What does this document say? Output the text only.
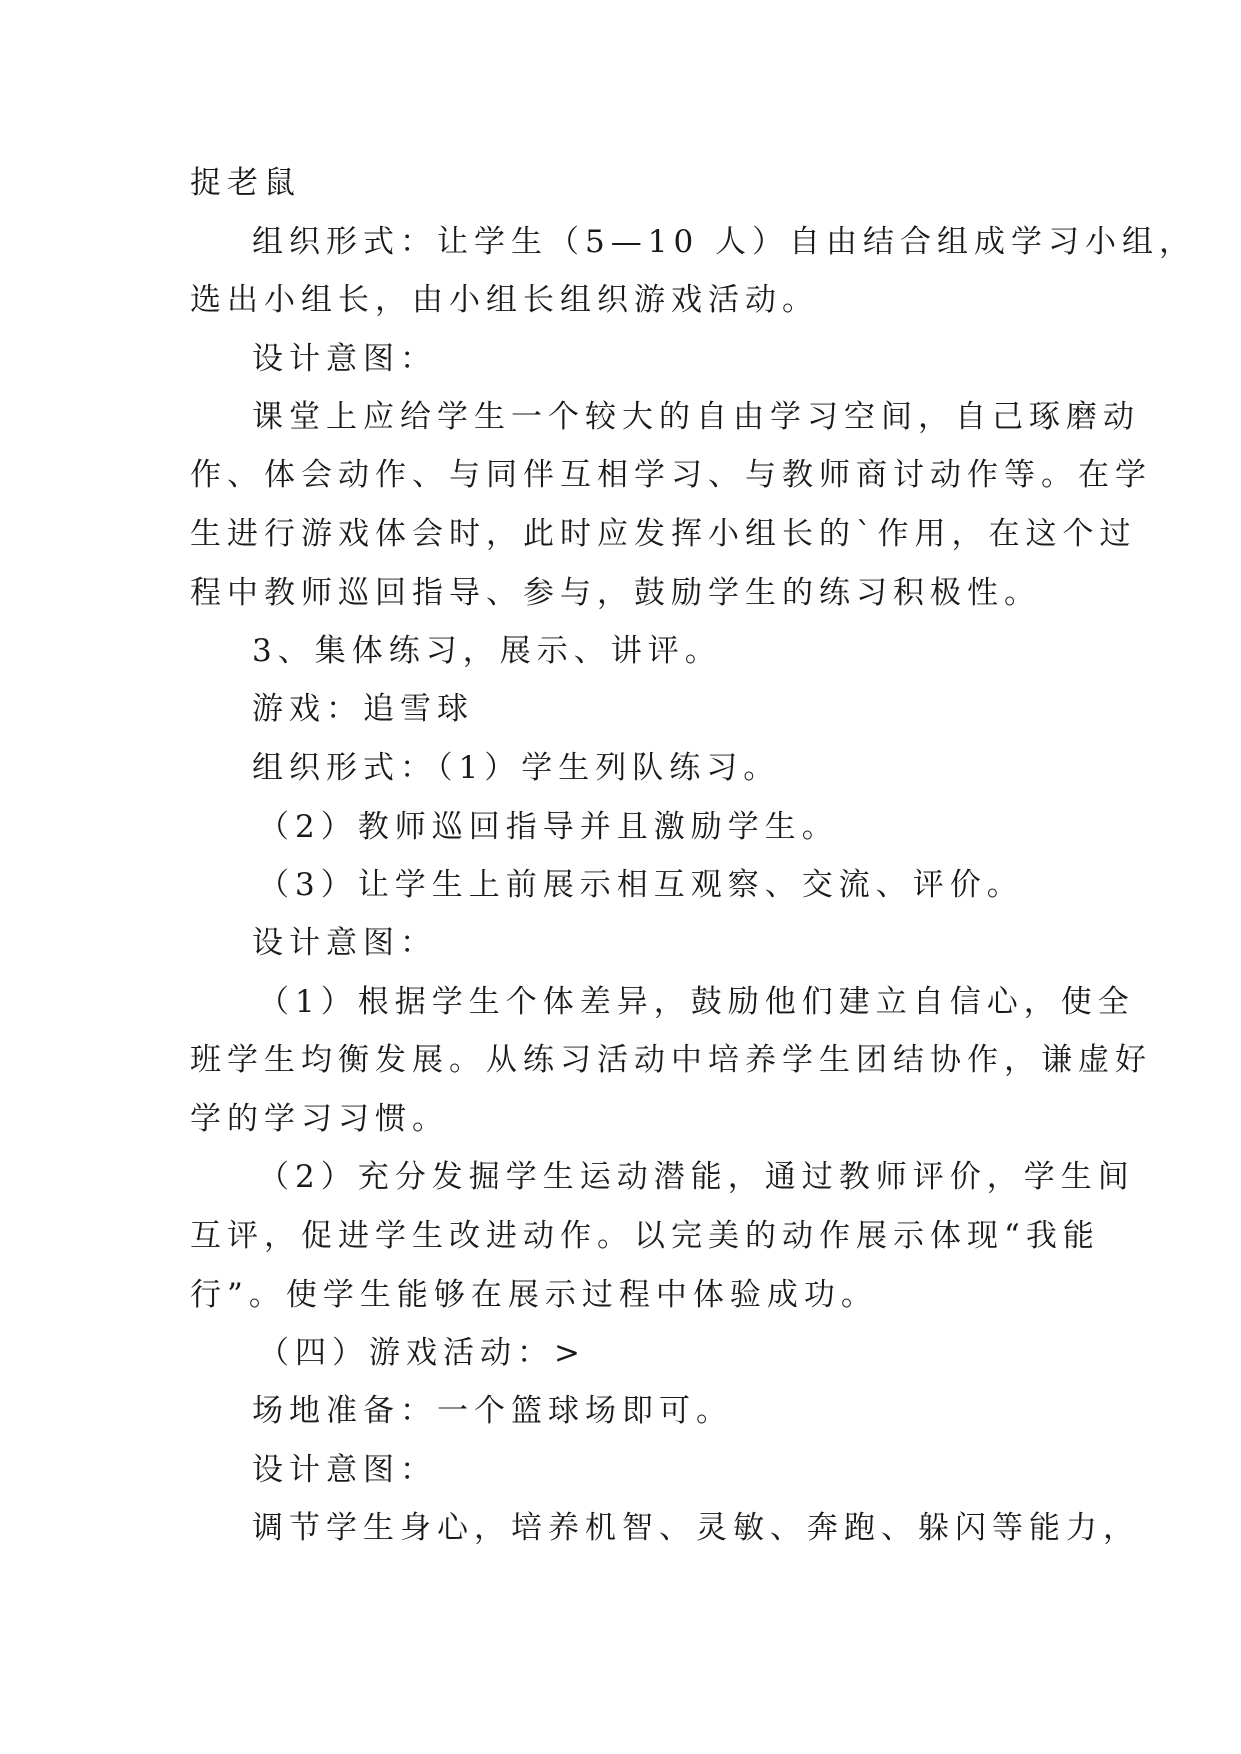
捉老鼠
组织形式：让学生（5—10 人）自由结合组成学习小组，
选出小组长，由小组长组织游戏活动。
设计意图：
课堂上应给学生一个较大的自由学习空间，自己琢磨动
作、体会动作、与同伴互相学习、与教师商讨动作等。在学
生进行游戏体会时，此时应发挥小组长的`作用，在这个过
程中教师巡回指导、参与，鼓励学生的练习积极性。
3、集体练习，展示、讲评。
游戏：追雪球
组织形式：（1）学生列队练习。
（2）教师巡回指导并且激励学生。
（3）让学生上前展示相互观察、交流、评价。
设计意图：
（1）根据学生个体差异，鼓励他们建立自信心，使全
班学生均衡发展。从练习活动中培养学生团结协作，谦虚好
学的学习习惯。
（2）充分发掘学生运动潜能，通过教师评价，学生间
互评，促进学生改进动作。以完美的动作展示体现“我能
行”。使学生能够在展示过程中体验成功。
（四）游戏活动：>
场地准备：一个篮球场即可。
设计意图：
调节学生身心，培养机智、灵敏、奔跑、躲闪等能力，
